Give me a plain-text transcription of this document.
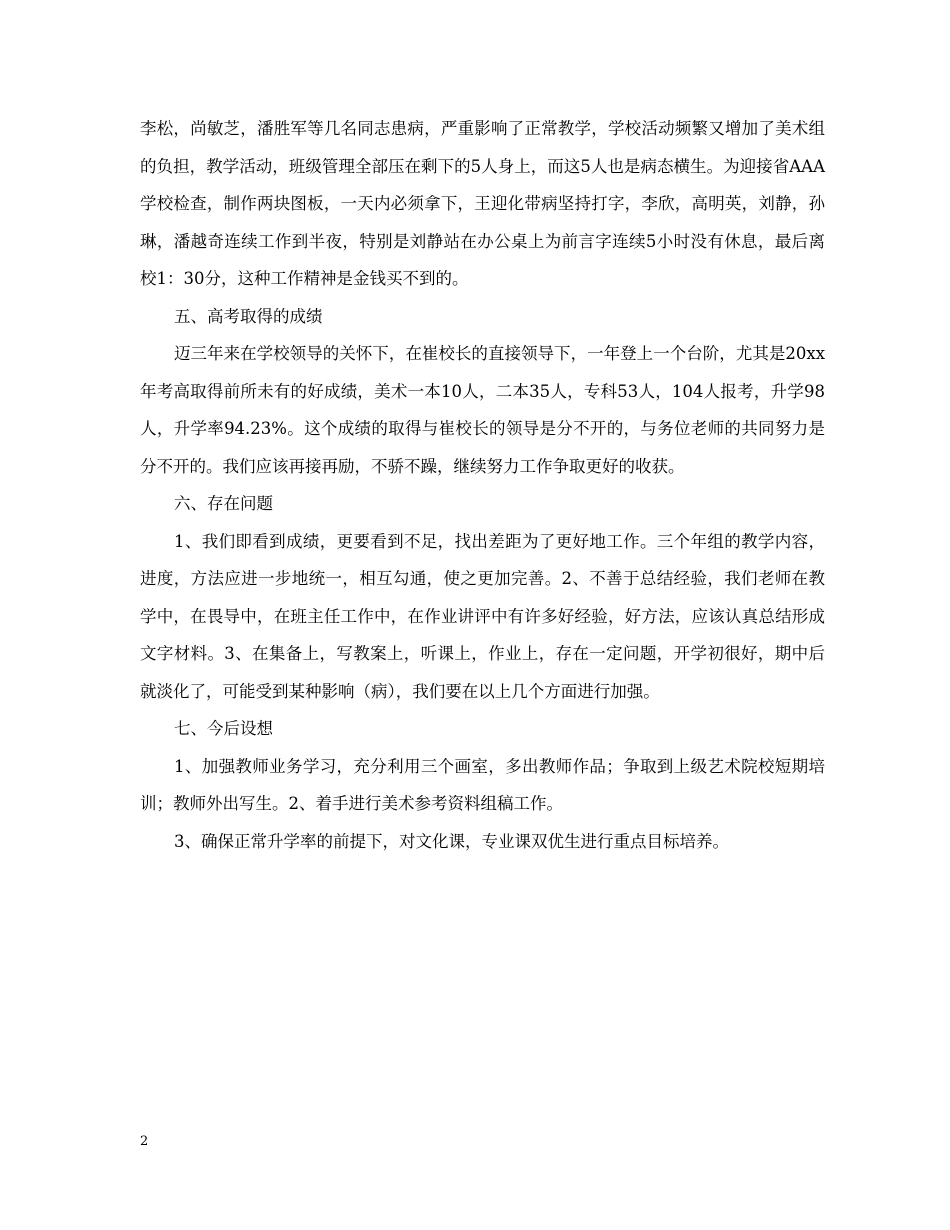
李松，尚敏芝，潘胜军等几名同志患病，严重影响了正常教学，学校活动频繁又增加了美术组的负担，教学活动，班级管理全部压在剩下的5人身上，而这5人也是病态横生。为迎接省AAA学校检查，制作两块图板，一天内必须拿下，王迎化带病坚持打字，李欣，高明英，刘静，孙琳，潘越奇连续工作到半夜，特别是刘静站在办公桌上为前言字连续5小时没有休息，最后离校1：30分，这种工作精神是金钱买不到的。

五、高考取得的成绩

迈三年来在学校领导的关怀下，在崔校长的直接领导下，一年登上一个台阶，尤其是20xx年考高取得前所未有的好成绩，美术一本10人，二本35人，专科53人，104人报考，升学98人，升学率94.23%。这个成绩的取得与崔校长的领导是分不开的，与务位老师的共同努力是分不开的。我们应该再接再励，不骄不躁，继续努力工作争取更好的收获。

六、存在问题

1、我们即看到成绩，更要看到不足，找出差距为了更好地工作。三个年组的教学内容，进度，方法应进一步地统一，相互勾通，使之更加完善。2、不善于总结经验，我们老师在教学中，在畏导中，在班主任工作中，在作业讲评中有许多好经验，好方法，应该认真总结形成文字材料。3、在集备上，写教案上，听课上，作业上，存在一定问题，开学初很好，期中后就淡化了，可能受到某种影响（病），我们要在以上几个方面进行加强。

七、今后设想

1、加强教师业务学习，充分利用三个画室，多出教师作品；争取到上级艺术院校短期培训；教师外出写生。2、着手进行美术参考资料组稿工作。

3、确保正常升学率的前提下，对文化课，专业课双优生进行重点目标培养。

2
